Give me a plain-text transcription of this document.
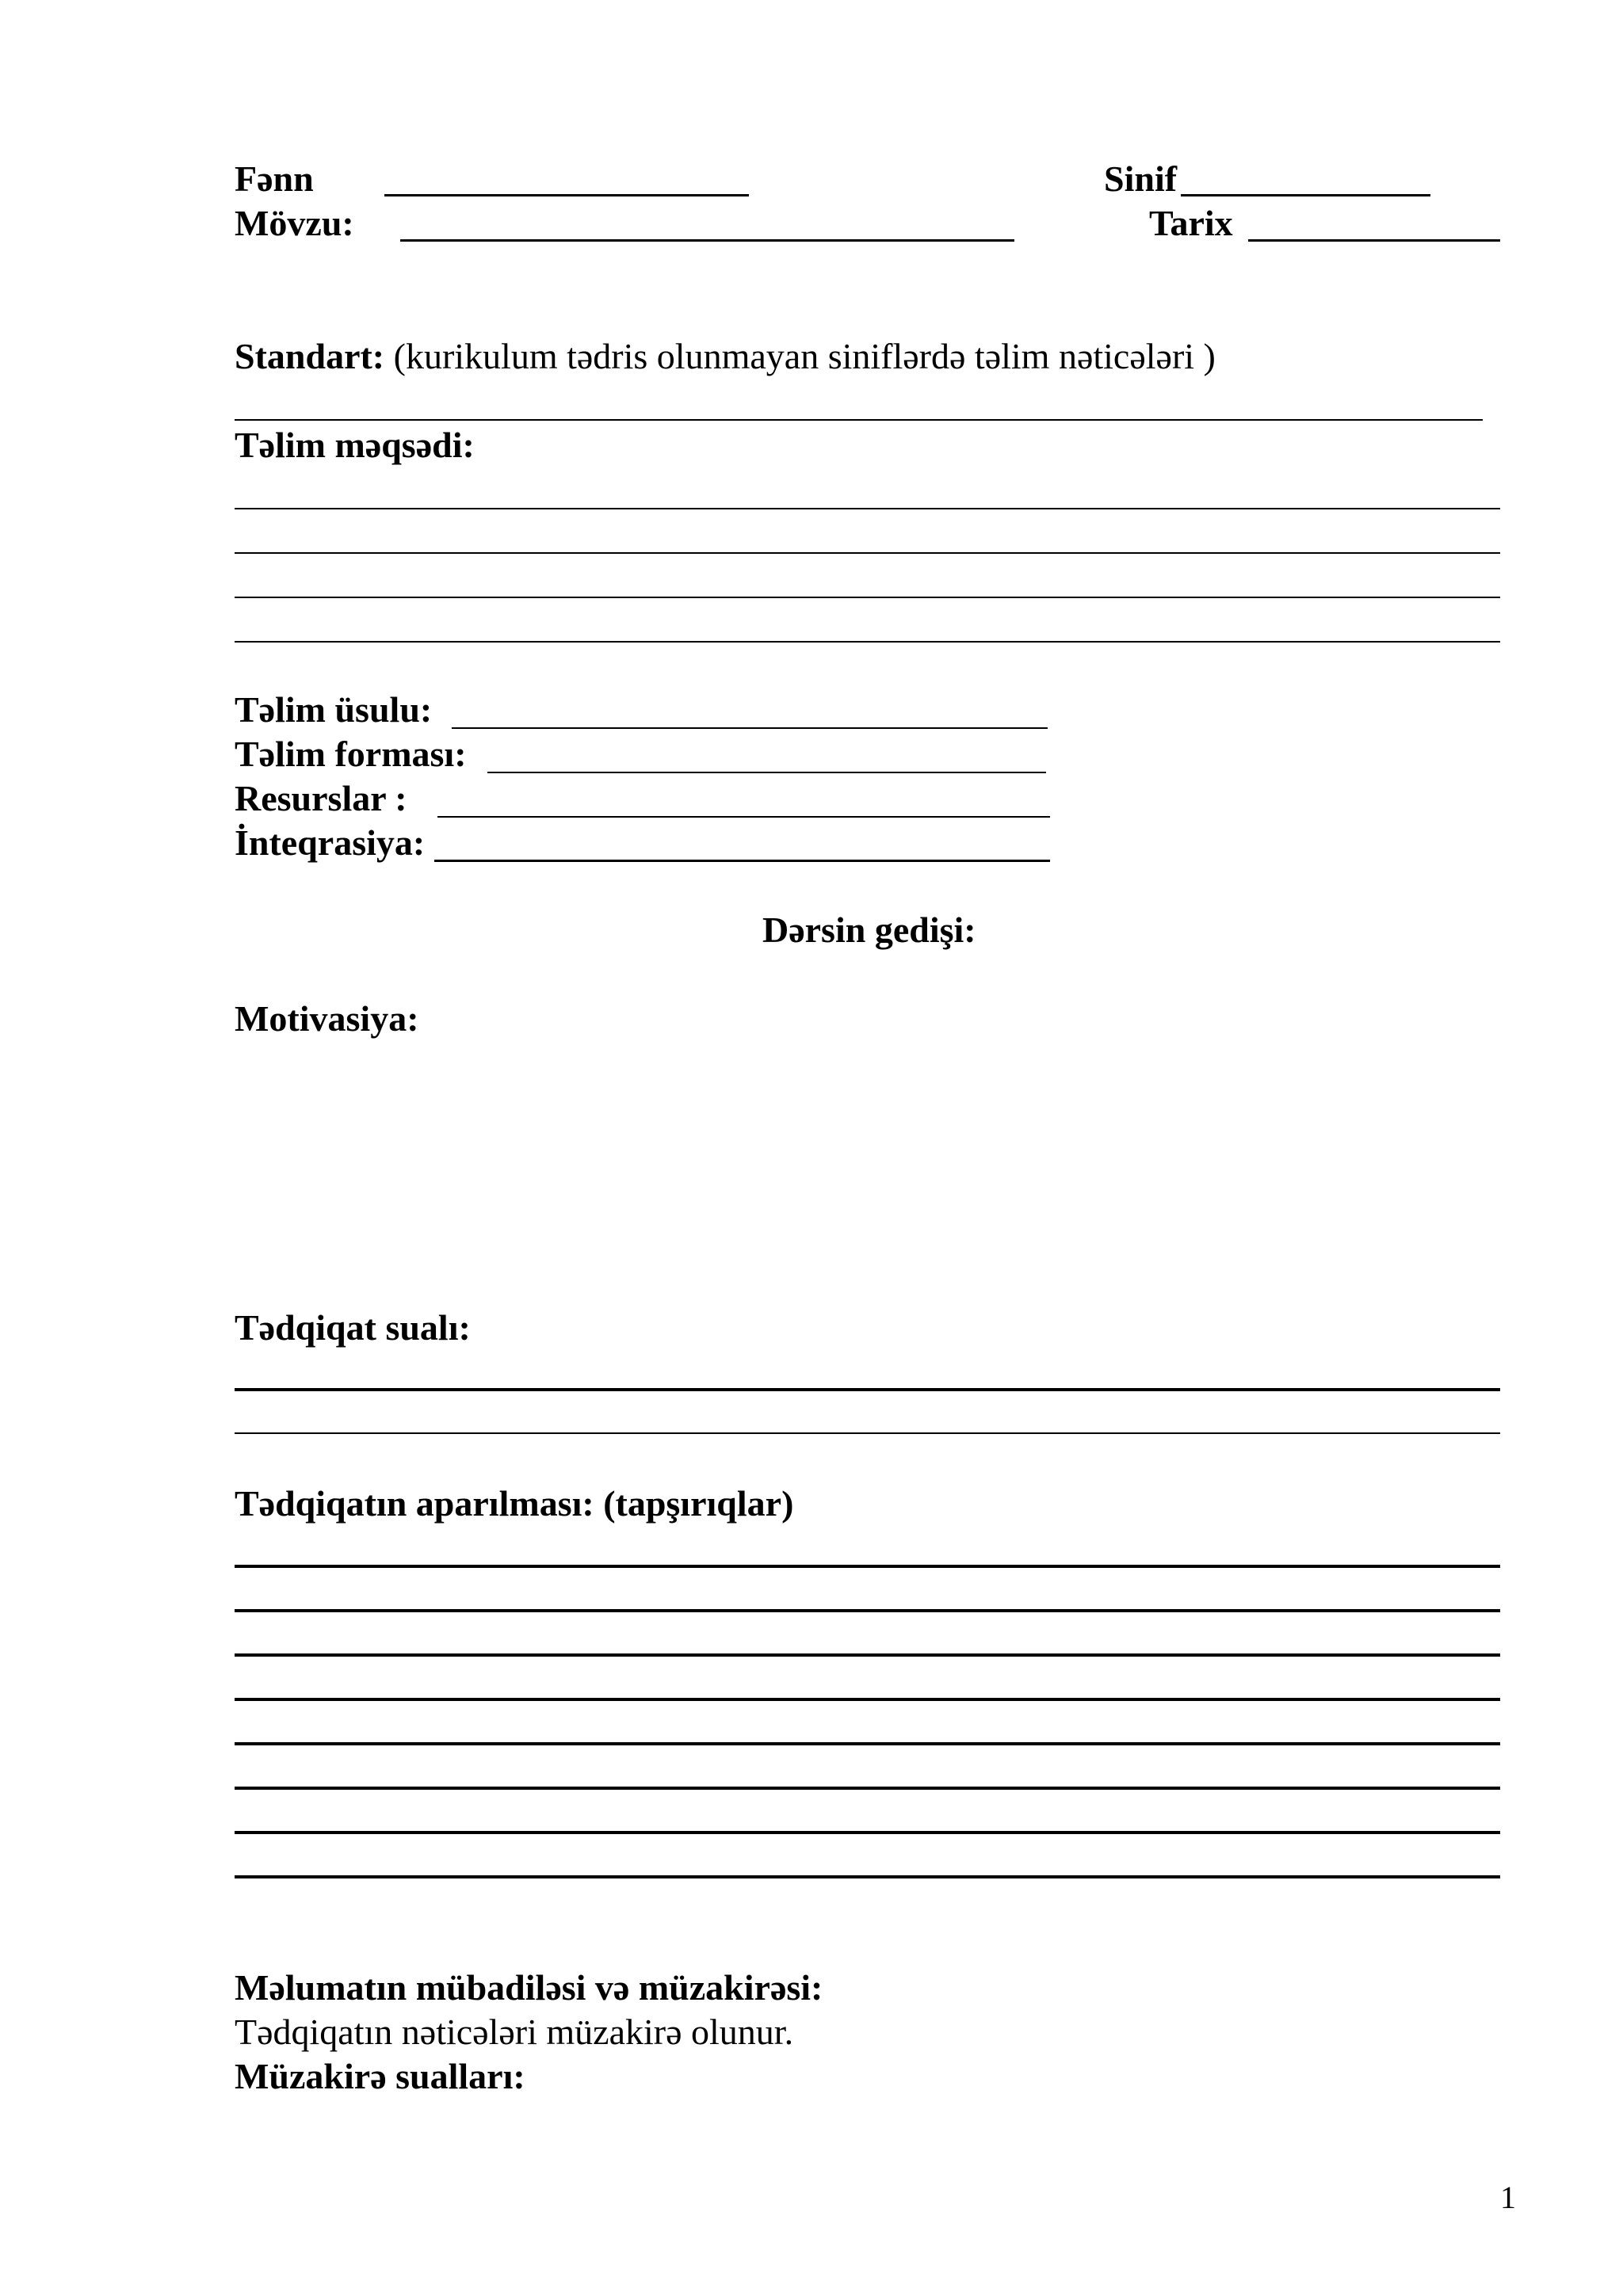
Fənn	Sinif
Mövzu:	Tarix
Standart: (kurikulum tədris olunmayan siniflərdə təlim nəticələri )
Təlim məqsədi:
Təlim üsulu:
Təlim forması:
Resurslar :
İnteqrasiya:
Dərsin gedişi:
Motivasiya:
Tədqiqat sualı:
Tədqiqatın aparılması: (tapşırıqlar)
Məlumatın mübadiləsi və müzakirəsi:
Tədqiqatın nəticələri müzakirə olunur.
Müzakirə sualları:
1
